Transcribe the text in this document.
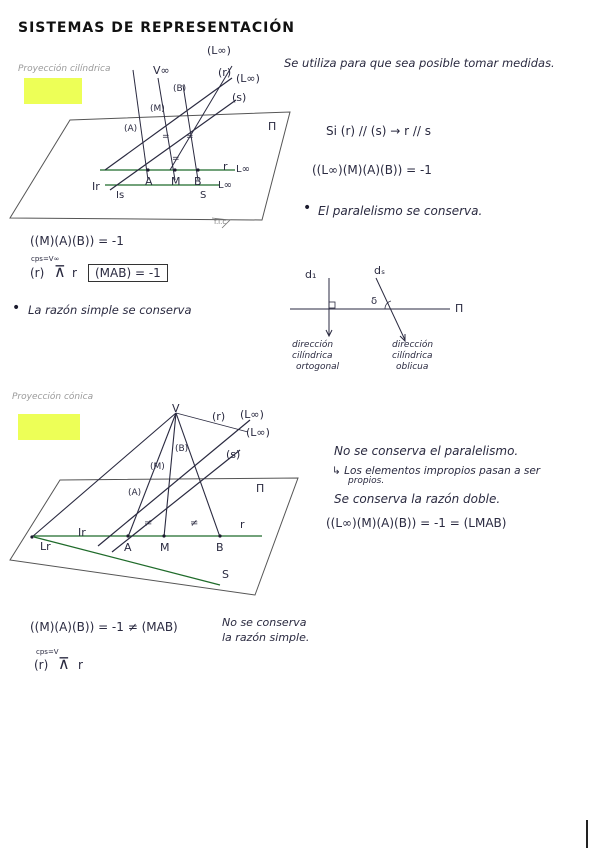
SISTEMAS DE REPRESENTACIÓN
Proyección cilíndrica	V∞
(L∞)
(r) (L∞)
(s)
(A)
(M)
(B)
=
=
=
Π
r L∞
L∞
Ir
Is
A M B
S
f.l.c
Se utiliza para que sea posible tomar medidas.
Si (r) // (s) → r // s
((L∞)(M)(A)(B)) = -1
• El paralelismo se conserva.
((M)(A)(B)) = -1
cps=V∞
(r) ⊼ r	(MAB) = -1
• La razón simple se conserva
d₁	dₛ
Π
δ
dirección
cilíndrica
ortogonal
dirección
cilíndrica
oblicua
Proyección cónica
V
(r) (L∞)
(L∞)
(s)
(A)
(M)
(B)
Π
r
Ir
Lr	A	M	B
S
≠	≠
No se conserva el paralelismo.
↳ Los elementos impropios pasan a ser
propios.
Se conserva la razón doble.
((L∞)(M)(A)(B)) = -1 = (LMAB)
((M)(A)(B)) = -1 ≠ (MAB)	No se conserva
la razón simple.
cps=V
(r) ⊼ r
